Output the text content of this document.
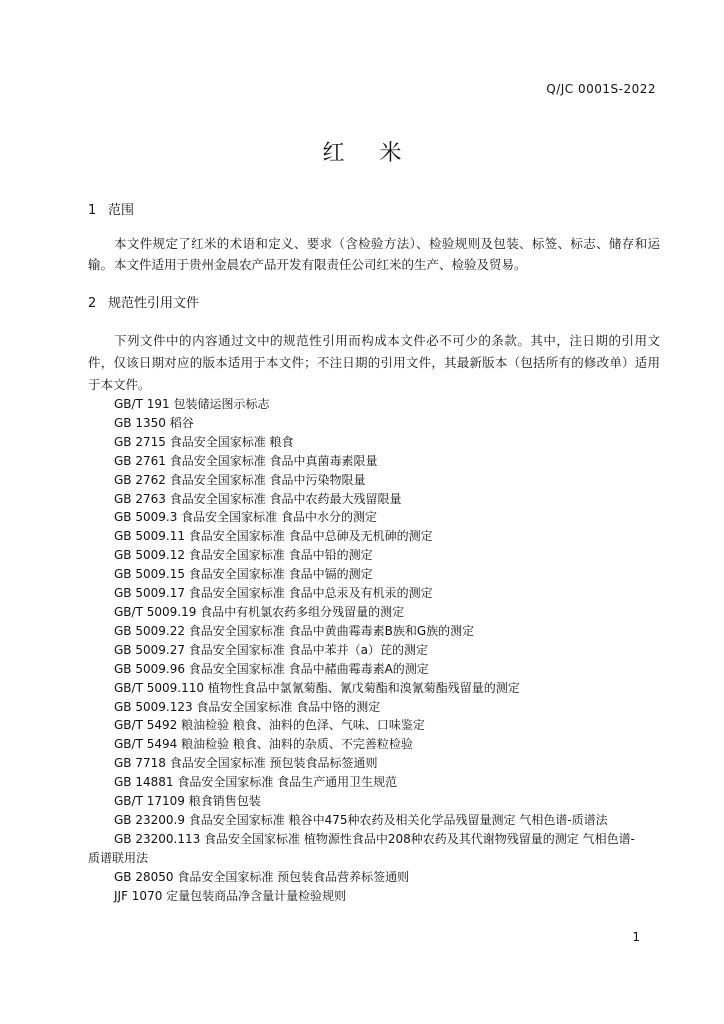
Q/JC 0001S-2022
红 米
1 范围
本文件规定了红米的术语和定义、要求（含检验方法）、检验规则及包装、标签、标志、储存和运输。 本文件适用于贵州金晨农产品开发有限责任公司红米的生产、检验及贸易。
2 规范性引用文件
下列文件中的内容通过文中的规范性引用而构成本文件必不可少的条款。其中，注日期的引用文件，仅该日期对应的版本适用于本文件；不注日期的引用文件，其最新版本（包括所有的修改单）适用于本文件。
GB/T 191 包装储运图示标志
GB 1350 稻谷
GB 2715 食品安全国家标准 粮食
GB 2761 食品安全国家标准 食品中真菌毒素限量
GB 2762 食品安全国家标准 食品中污染物限量
GB 2763 食品安全国家标准 食品中农药最大残留限量
GB 5009.3 食品安全国家标准 食品中水分的测定
GB 5009.11 食品安全国家标准 食品中总砷及无机砷的测定
GB 5009.12 食品安全国家标准 食品中铅的测定
GB 5009.15 食品安全国家标准 食品中镉的测定
GB 5009.17 食品安全国家标准 食品中总汞及有机汞的测定
GB/T 5009.19 食品中有机氯农药多组分残留量的测定
GB 5009.22 食品安全国家标准 食品中黄曲霉毒素B族和G族的测定
GB 5009.27 食品安全国家标准 食品中苯并（a）芘的测定
GB 5009.96 食品安全国家标准 食品中赭曲霉毒素A的测定
GB/T 5009.110 植物性食品中氯氰菊酯、氰戊菊酯和溴氰菊酯残留量的测定
GB 5009.123 食品安全国家标准 食品中铬的测定
GB/T 5492 粮油检验 粮食、油料的色泽、气味、口味鉴定
GB/T 5494 粮油检验 粮食、油料的杂质、不完善粒检验
GB 7718 食品安全国家标准 预包装食品标签通则
GB 14881 食品安全国家标准 食品生产通用卫生规范
GB/T 17109 粮食销售包装
GB 23200.9 食品安全国家标准 粮谷中475种农药及相关化学品残留量测定 气相色谱-质谱法
GB 23200.113 食品安全国家标准 植物源性食品中208种农药及其代谢物残留量的测定 气相色谱-
质谱联用法
GB 28050 食品安全国家标准 预包装食品营养标签通则
JJF 1070 定量包装商品净含量计量检验规则
1
